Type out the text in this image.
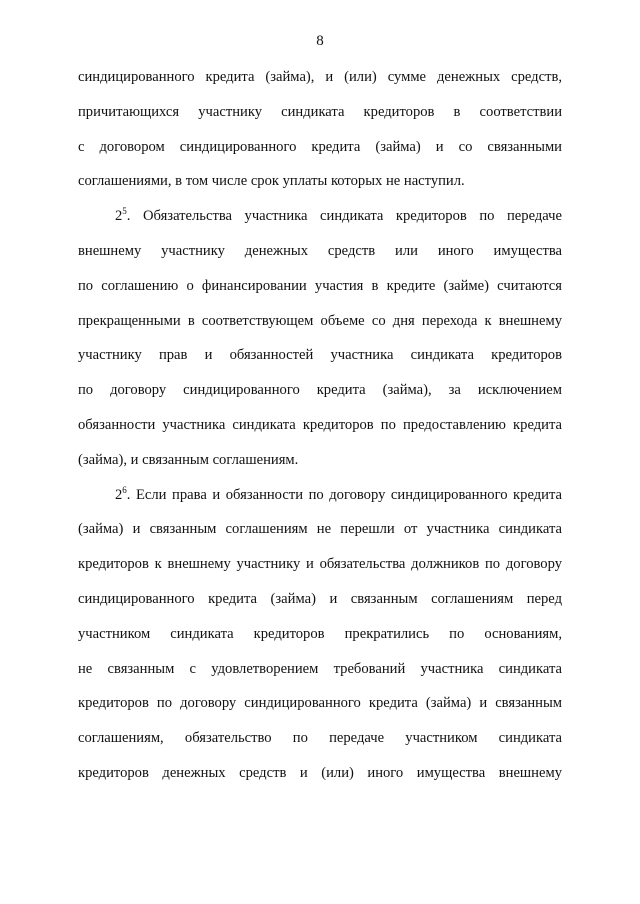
8
синдицированного кредита (займа), и (или) сумме денежных средств,
причитающихся участнику синдиката кредиторов в соответствии
с договором синдицированного кредита (займа) и со связанными
соглашениями, в том числе срок уплаты которых не наступил.
$2^5$. Обязательства участника синдиката кредиторов по передаче
внешнему участнику денежных средств или иного имущества
по соглашению о финансировании участия в кредите (займе) считаются
прекращенными в соответствующем объеме со дня перехода к внешнему
участнику прав и обязанностей участника синдиката кредиторов
по договору синдицированного кредита (займа), за исключением
обязанности участника синдиката кредиторов по предоставлению кредита
(займа), и связанным соглашениям.
$2^6$. Если права и обязанности по договору синдицированного кредита
(займа) и связанным соглашениям не перешли от участника синдиката
кредиторов к внешнему участнику и обязательства должников по договору
синдицированного кредита (займа) и связанным соглашениям перед
участником синдиката кредиторов прекратились по основаниям,
не связанным с удовлетворением требований участника синдиката
кредиторов по договору синдицированного кредита (займа) и связанным
соглашениям, обязательство по передаче участником синдиката
кредиторов денежных средств и (или) иного имущества внешнему
